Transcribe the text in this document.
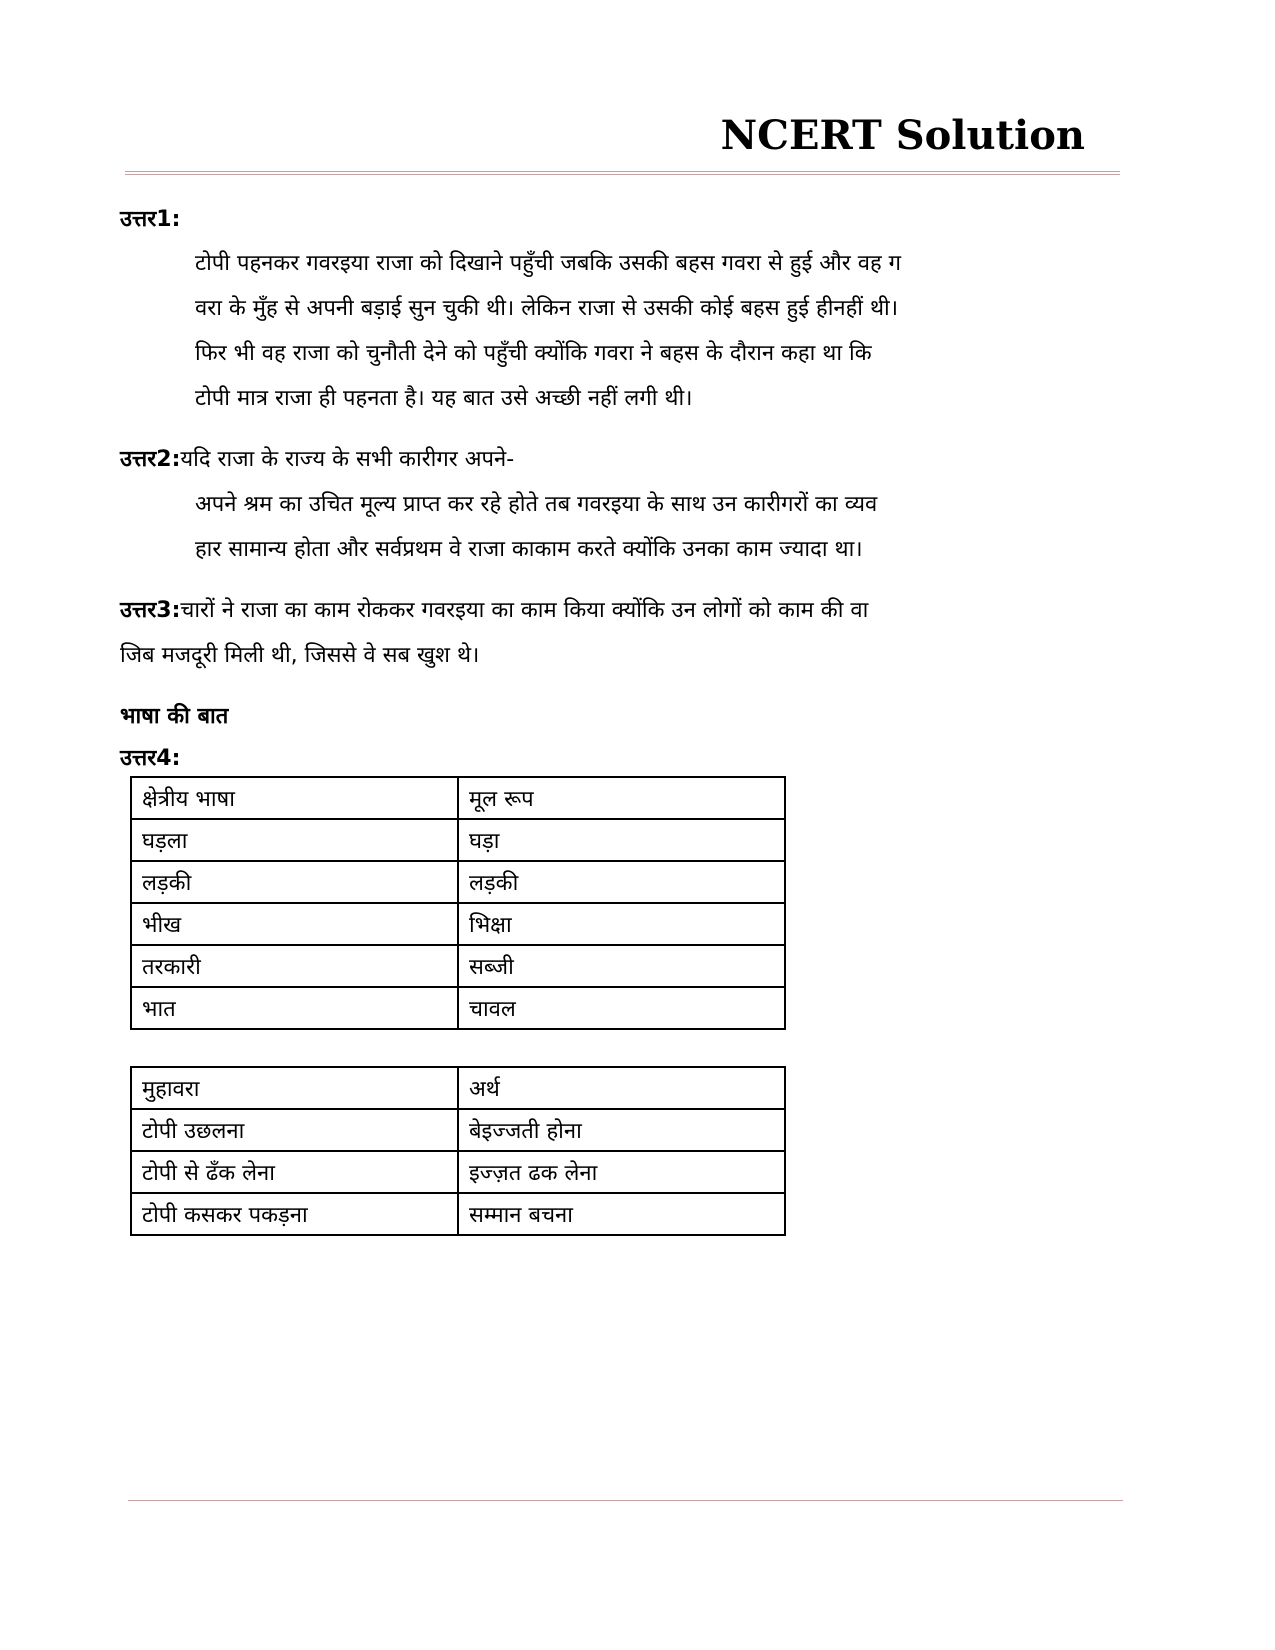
NCERT Solution
उत्तर1:
टोपी पहनकर गवरइया राजा को दिखाने पहुँची जबकि उसकी बहस गवरा से हुई और वह ग
वरा के मुँह से अपनी बड़ाई सुन चुकी थी। लेकिन राजा से उसकी कोई बहस हुई हीनहीं थी।
फिर भी वह राजा को चुनौती देने को पहुँची क्योंकि गवरा ने बहस के दौरान कहा था कि
टोपी मात्र राजा ही पहनता है। यह बात उसे अच्छी नहीं लगी थी।
उत्तर2:यदि राजा के राज्य के सभी कारीगर अपने-
अपने श्रम का उचित मूल्य प्राप्त कर रहे होते तब गवरइया के साथ उन कारीगरों का व्यव
हार सामान्य होता और सर्वप्रथम वे राजा काकाम करते क्योंकि उनका काम ज्यादा था।
उत्तर3:चारों ने राजा का काम रोककर गवरइया का काम किया क्योंकि उन लोगों को काम की वा
जिब मजदूरी मिली थी, जिससे वे सब खुश थे।
भाषा की बात
उत्तर4:
क्षेत्रीय भाषा	मूल रूप
घड़ला	घड़ा
लड़की	लड़की
भीख	भिक्षा
तरकारी	सब्जी
भात	चावल
मुहावरा	अर्थ
टोपी उछलना	बेइज्जती होना
टोपी से ढँक लेना	इज्ज़त ढक लेना
टोपी कसकर पकड़ना	सम्मान बचना
